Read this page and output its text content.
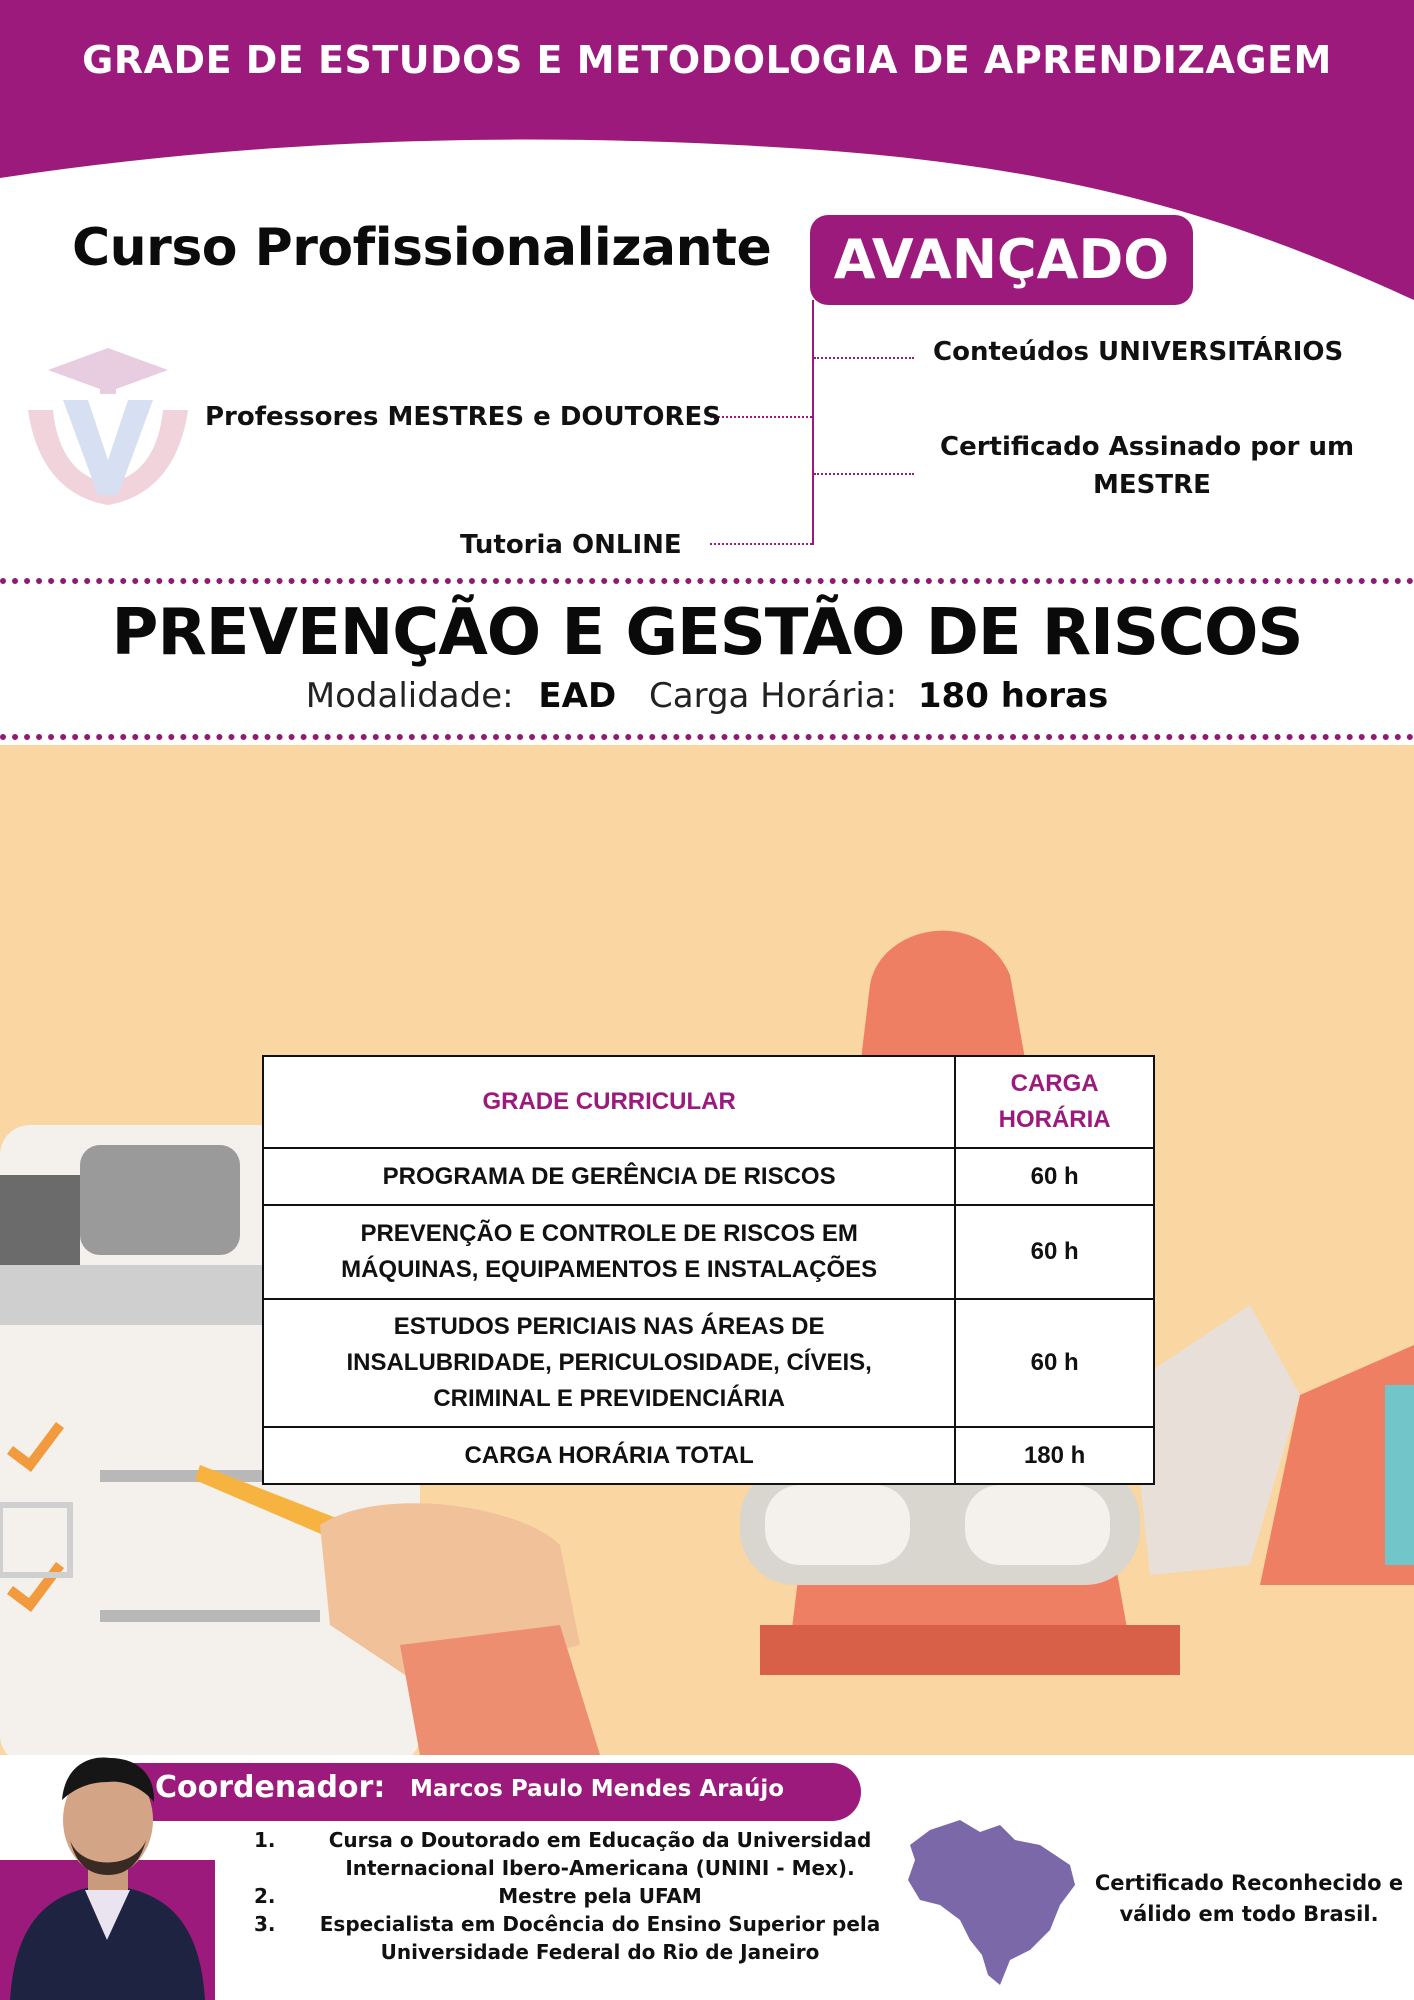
GRADE DE ESTUDOS E METODOLOGIA DE APRENDIZAGEM
Curso Profissionalizante	AVANÇADO
Conteúdos UNIVERSITÁRIOS
Professores MESTRES e DOUTORES
Certificado Assinado por um
MESTRE
Tutoria ONLINE
PREVENÇÃO E GESTÃO DE RISCOS
Modalidade: EAD Carga Horária: 180 horas
GRADE CURRICULAR	CARGA
HORÁRIA

PROGRAMA DE GERÊNCIA DE RISCOS	60 h

PREVENÇÃO E CONTROLE DE RISCOS EM
MÁQUINAS, EQUIPAMENTOS E INSTALAÇÕES	60 h

ESTUDOS PERICIAIS NAS ÁREAS DE
INSALUBRIDADE, PERICULOSIDADE, CÍVEIS,
CRIMINAL E PREVIDENCIÁRIA	60 h
CARGA HORÁRIA TOTAL	180 h
Coordenador: Marcos Paulo Mendes Araújo
1.	Cursa o Doutorado em Educação da Universidad
Internacional Ibero-Americana (UNINI - Mex).
2.	Mestre pela UFAM
3.	Especialista em Docência do Ensino Superior pela
Universidade Federal do Rio de Janeiro
Certificado Reconhecido e
válido em todo Brasil.
